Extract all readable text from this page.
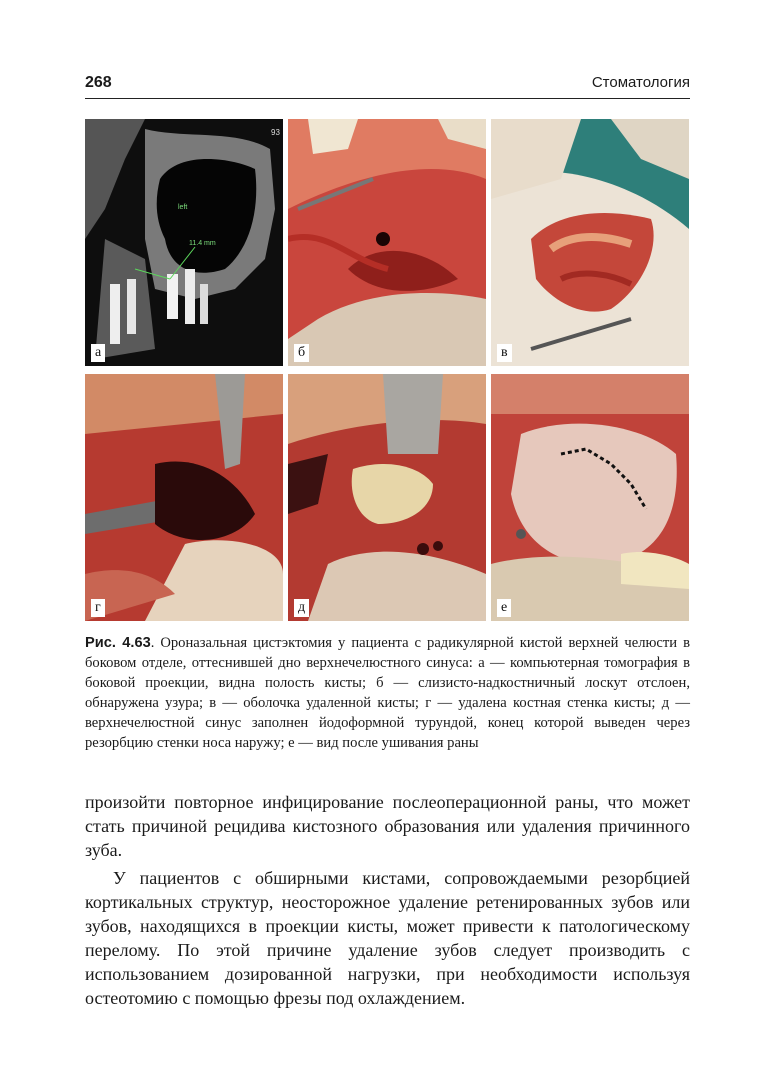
268	Стоматология
left
11.4 mm
93
а	б	в
г	д	е
Рис. 4.63. Ороназальная цистэктомия у пациента с радикулярной кистой верхней челюсти в боковом отделе, оттеснившей дно верхнечелюстного синуса: а — компьютерная томография в боковой проекции, видна полость кисты; б — слизисто-надкостничный лоскут отслоен, обнаружена узура; в — оболочка удаленной кисты; г — удалена костная стенка кисты; д — верхнечелюстной синус заполнен йодоформной турундой, конец которой выведен через резорбцию стенки носа наружу; е — вид после ушивания раны

произойти повторное инфицирование послеоперационной раны, что может стать причиной рецидива кистозного образования или удаления причинного зуба.

У пациентов с обширными кистами, сопровождаемыми резорбцией кортикальных структур, неосторожное удаление ретенированных зубов или зубов, находящихся в проекции кисты, может привести к патологическому перелому. По этой причине удаление зубов следует производить с использованием дозированной нагрузки, при необходимости используя остеотомию с помощью фрезы под охлаждением.
